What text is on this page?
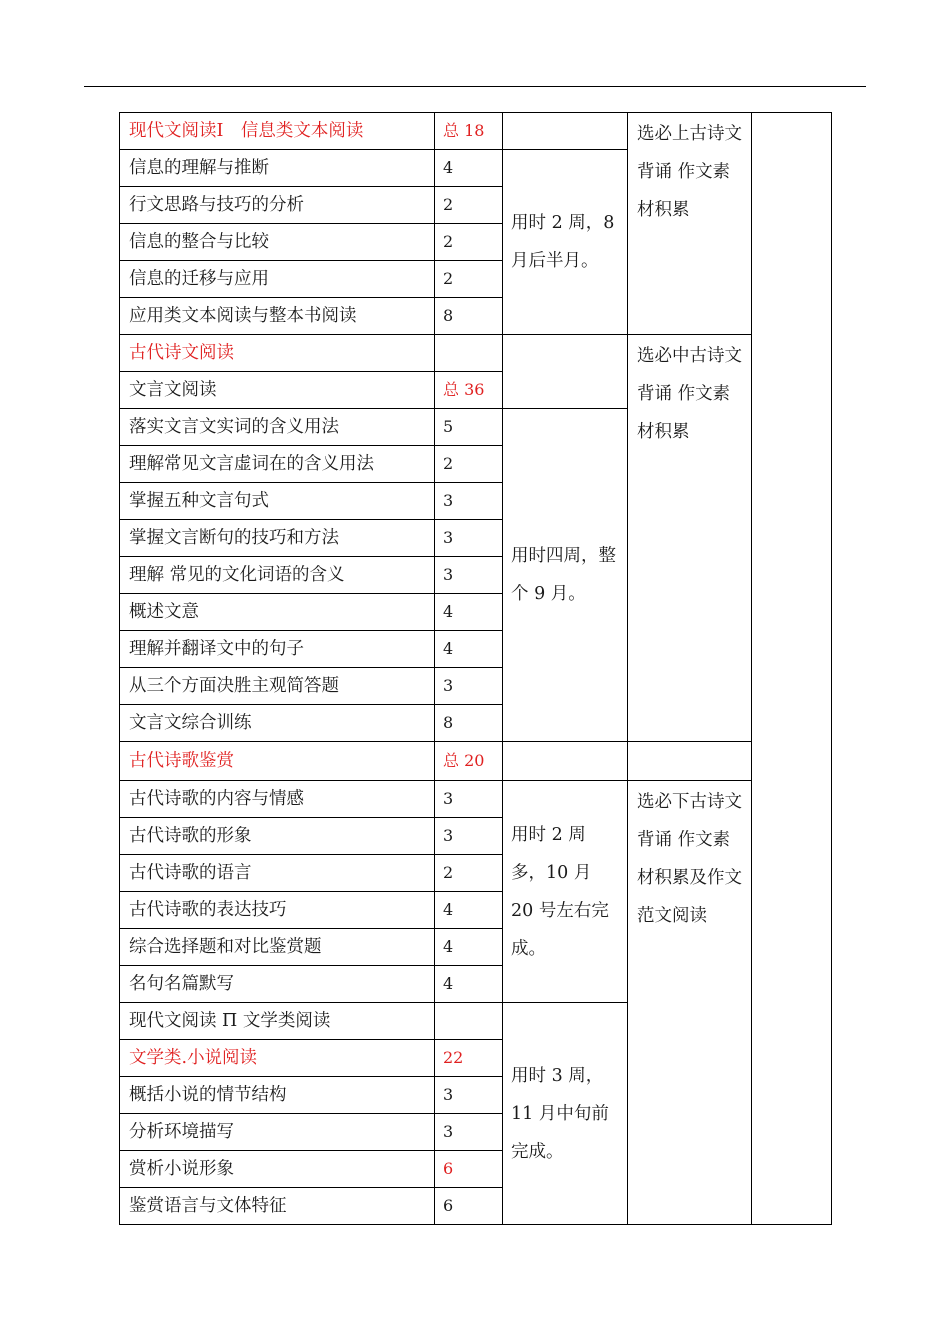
现代文阅读Ⅰ　信息类文本阅读	总 18		选必上古诗文背诵 作文素材积累	
信息的理解与推断	4	用时 2 周，8 月后半月。		
行文思路与技巧的分析	2			
信息的整合与比较	2			
信息的迁移与应用	2			
应用类文本阅读与整本书阅读	8			
古代诗文阅读			选必中古诗文背诵 作文素材积累	
文言文阅读	总 36			
落实文言文实词的含义用法	5	用时四周，整个 9 月。		
理解常见文言虚词在的含义用法	2			
掌握五种文言句式	3			
掌握文言断句的技巧和方法	3			
理解 常见的文化词语的含义	3			
概述文意	4			
理解并翻译文中的句子	4			
从三个方面决胜主观简答题	3			
文言文综合训练	8			
古代诗歌鉴赏	总 20			
古代诗歌的内容与情感	3	用时 2 周多，10 月 20 号左右完成。	选必下古诗文背诵 作文素材积累及作文范文阅读	
古代诗歌的形象	3			
古代诗歌的语言	2			
古代诗歌的表达技巧	4			
综合选择题和对比鉴赏题	4			
名句名篇默写	4			
现代文阅读 Π 文学类阅读		用时 3 周，11 月中旬前完成。		
文学类.小说阅读	22			
概括小说的情节结构	3			
分析环境描写	3			
赏析小说形象	6			
鉴赏语言与文体特征	6			
